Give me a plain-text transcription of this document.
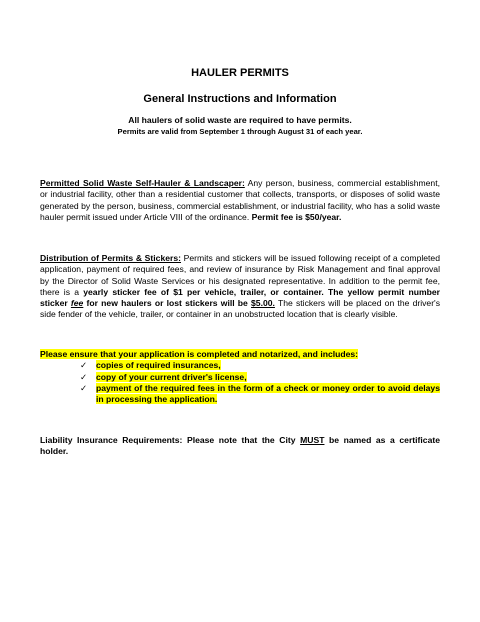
HAULER PERMITS
General Instructions and Information
All haulers of solid waste are required to have permits.
Permits are valid from September 1 through August 31 of each year.
Permitted Solid Waste Self-Hauler & Landscaper: Any person, business, commercial establishment, or industrial facility, other than a residential customer that collects, transports, or disposes of solid waste generated by the person, business, commercial establishment, or industrial facility, who has a solid waste hauler permit issued under Article VIII of the ordinance. Permit fee is $50/year.
Distribution of Permits & Stickers: Permits and stickers will be issued following receipt of a completed application, payment of required fees, and review of insurance by Risk Management and final approval by the Director of Solid Waste Services or his designated representative. In addition to the permit fee, there is a yearly sticker fee of $1 per vehicle, trailer, or container. The yellow permit number sticker fee for new haulers or lost stickers will be $5.00. The stickers will be placed on the driver's side fender of the vehicle, trailer, or container in an unobstructed location that is clearly visible.
Please ensure that your application is completed and notarized, and includes:
✓ copies of required insurances,
✓ copy of your current driver's license,
✓ payment of the required fees in the form of a check or money order to avoid delays in processing the application.
Liability Insurance Requirements: Please note that the City MUST be named as a certificate holder.
